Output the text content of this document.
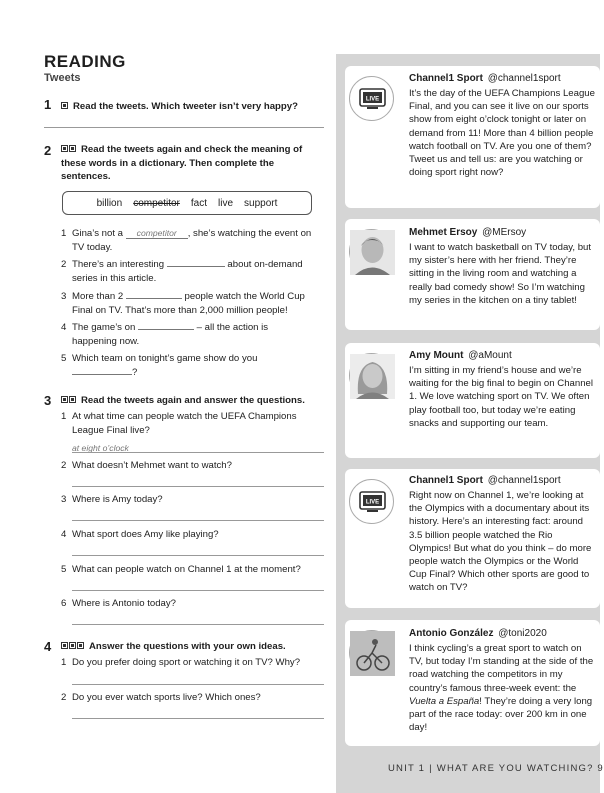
READING
Tweets
1	Read the tweets. Which tweeter isn’t very happy?
2	Read the tweets again and check the meaning of these words in a dictionary. Then complete the sentences.
billion competitor fact live support
1 Gina’s not a competitor , she’s watching the event on TV today.
2 There’s an interesting	about on-demand series in this article.
3 More than 2	people watch the World Cup Final on TV. That’s more than 2,000 million people!
4 The game’s on	– all the action is happening now.
5 Which team on tonight’s game show do you
?
3	Read the tweets again and answer the questions.
1 At what time can people watch the UEFA Champions League Final live?
at eight o’clock
2 What doesn’t Mehmet want to watch?
3 Where is Amy today?
4 What sport does Amy like playing?
5 What can people watch on Channel 1 at the moment?
6 Where is Antonio today?
4	Answer the questions with your own ideas.
1 Do you prefer doing sport or watching it on TV? Why?
2 Do you ever watch sports live? Which ones?
LIVE
Channel1 Sport @channel1sport
It’s the day of the UEFA Champions League Final, and you can see it live on our sports show from eight o’clock tonight or later on demand from 11! More than 4 billion people watch football on TV. Are you one of them? Tweet us and tell us: are you watching or doing sport right now?
Mehmet Ersoy @MErsoy
I want to watch basketball on TV today, but my sister’s here with her friend. They’re sitting in the living room and watching a really bad comedy show! So I’m watching my series in the kitchen on a tiny tablet!
Amy Mount @aMount
I’m sitting in my friend’s house and we’re waiting for the big final to begin on Channel 1. We love watching sport on TV. We often play football too, but today we’re eating snacks and supporting our team.
LIVE
Channel1 Sport @channel1sport
Right now on Channel 1, we’re looking at the Olympics with a documentary about its history. Here’s an interesting fact: around 3.5 billion people watched the Rio Olympics! But what do you think – do more people watch the Olympics or the World Cup Final? Which other sports are good to watch on TV?
Antonio González @toni2020
I think cycling’s a great sport to watch on TV, but today I’m standing at the side of the road watching the competitors in my country’s famous three-week event: the Vuelta a España! They’re doing a very long part of the race today: over 200 km in one day!
UNIT 1 | WHAT ARE YOU WATCHING? 9
